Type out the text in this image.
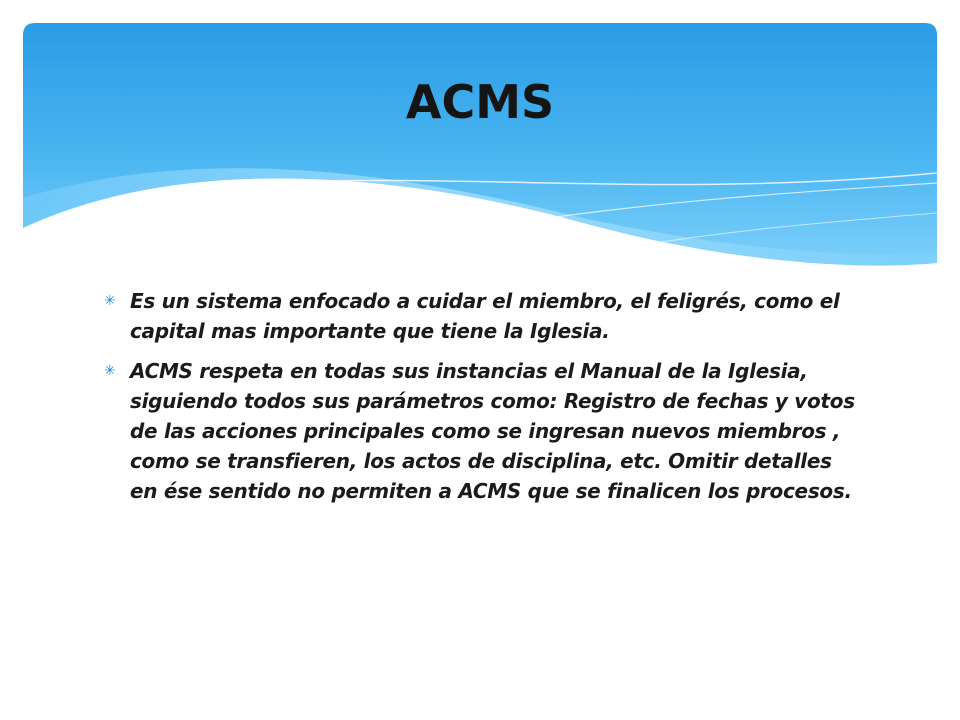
ACMS
✳ Es un sistema enfocado a cuidar el miembro, el feligrés, como el capital mas importante que tiene la Iglesia.
✳ ACMS respeta en todas sus instancias el Manual de la Iglesia, siguiendo todos sus parámetros como: Registro de fechas y votos de las acciones principales como se ingresan nuevos miembros , como se transfieren, los actos de disciplina, etc. Omitir detalles en ése sentido no permiten a ACMS que se finalicen los procesos.
